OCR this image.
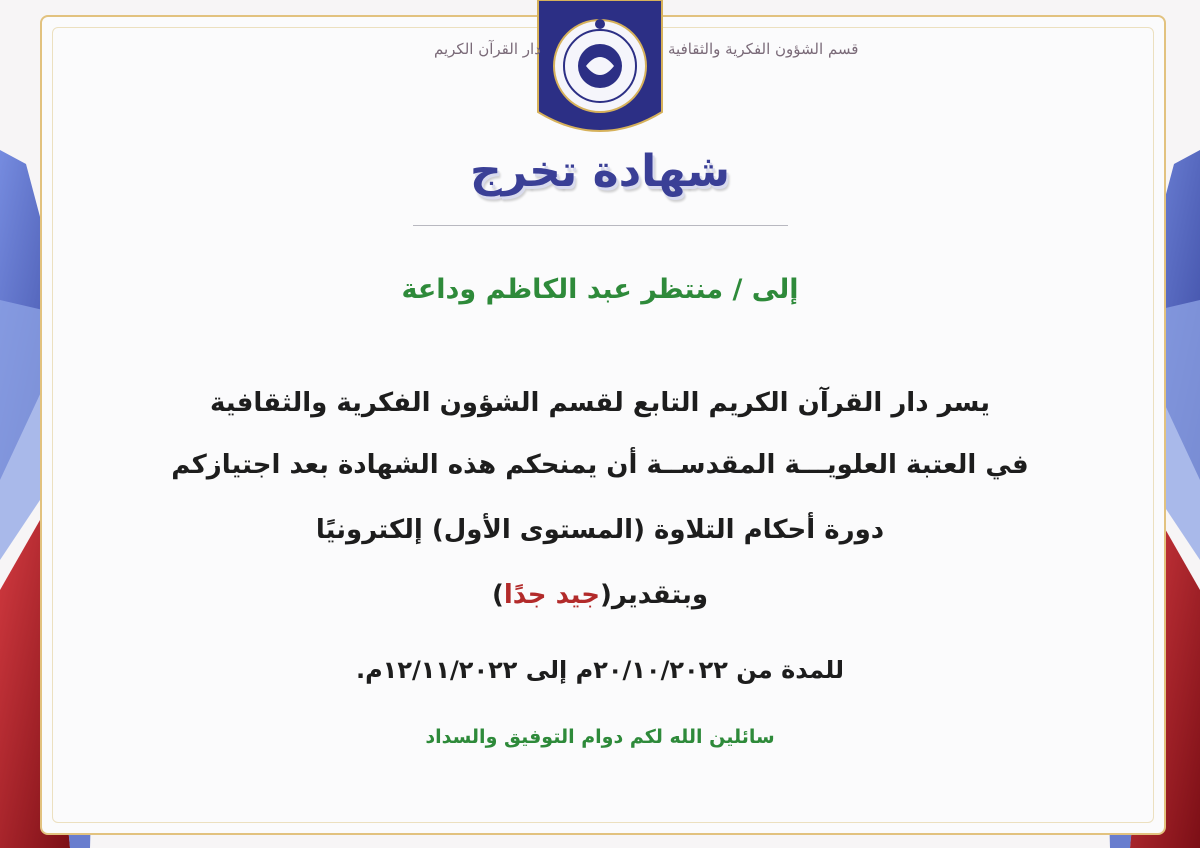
دار القرآن الكريم	قسم الشؤون الفكرية والثقافية
شهادة تخرج
إلى / منتظر عبد الكاظم وداعة
يسر دار القرآن الكريم التابع لقسم الشؤون الفكرية والثقافية
في العتبة العلويـــة المقدســة أن يمنحكم هذه الشهادة بعد اجتيازكم
دورة أحكام التلاوة (المستوى الأول) إلكترونيًا
وبتقدير(جيد جدًا)
للمدة من ٢٠/١٠/٢٠٢٢م إلى ١٢/١١/٢٠٢٢م.
سائلين الله لكم دوام التوفيق والسداد
